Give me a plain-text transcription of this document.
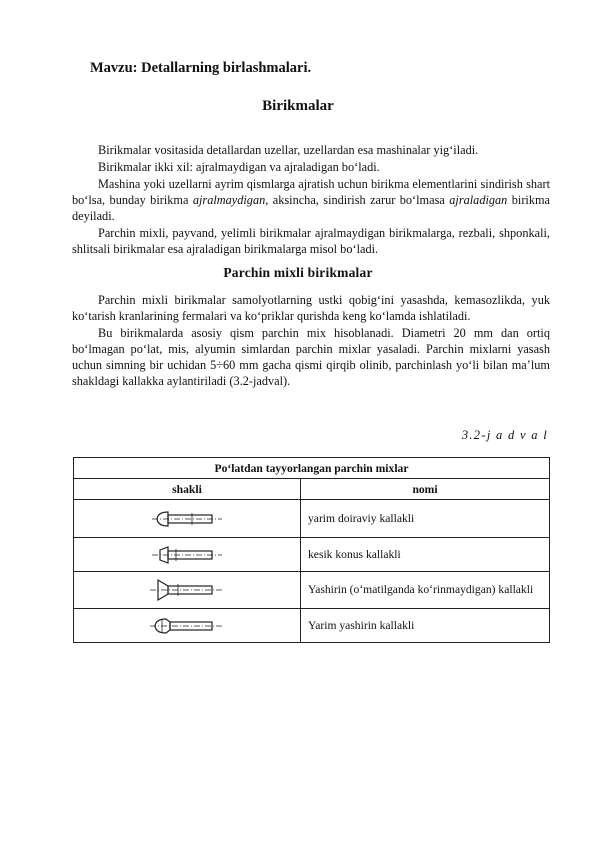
Mavzu: Detallarning birlashmalari.
Birikmalar

Birikmalar vositasida detallardan uzellar, uzellardan esa mashinalar yig‘iladi.

Birikmalar ikki xil: ajralmaydigan va ajraladigan bo‘ladi.

Mashina yoki uzellarni ayrim qismlarga ajratish uchun birikma elementlarini sindirish shart bo‘lsa, bunday birikma ajralmaydigan, aksincha, sindirish zarur bo‘lmasa ajraladigan birikma deyiladi.

Parchin mixli, payvand, yelimli birikmalar ajralmaydigan birikmalarga, rezbali, shponkali, shlitsali birikmalar esa ajraladigan birikmalarga misol bo‘ladi.

Parchin mixli birikmalar

Parchin mixli birikmalar samolyotlarning ustki qobig‘ini yasashda, kemasozlikda, yuk ko‘tarish kranlarining fermalari va ko‘priklar qurishda keng ko‘lamda ishlatiladi.

Bu birikmalarda asosiy qism parchin mix hisoblanadi. Diametri 20 mm dan ortiq bo‘lmagan po‘lat, mis, alyumin simlardan parchin mixlar yasaladi. Parchin mixlarni yasash uchun simning bir uchidan 5÷60 mm gacha qismi qirqib olinib, parchinlash yo‘li bilan ma’lum shakldagi kallakka aylantiriladi (3.2-jadval).

3.2-j a d v a l
Po‘latdan tayyorlangan parchin mixlar	
shakli	nomi

	yarim doiraviy kallakli

	kesik konus kallakli

	Yashirin (o‘matilganda ko‘rinmaydigan) kallakli

	Yarim yashirin kallakli
